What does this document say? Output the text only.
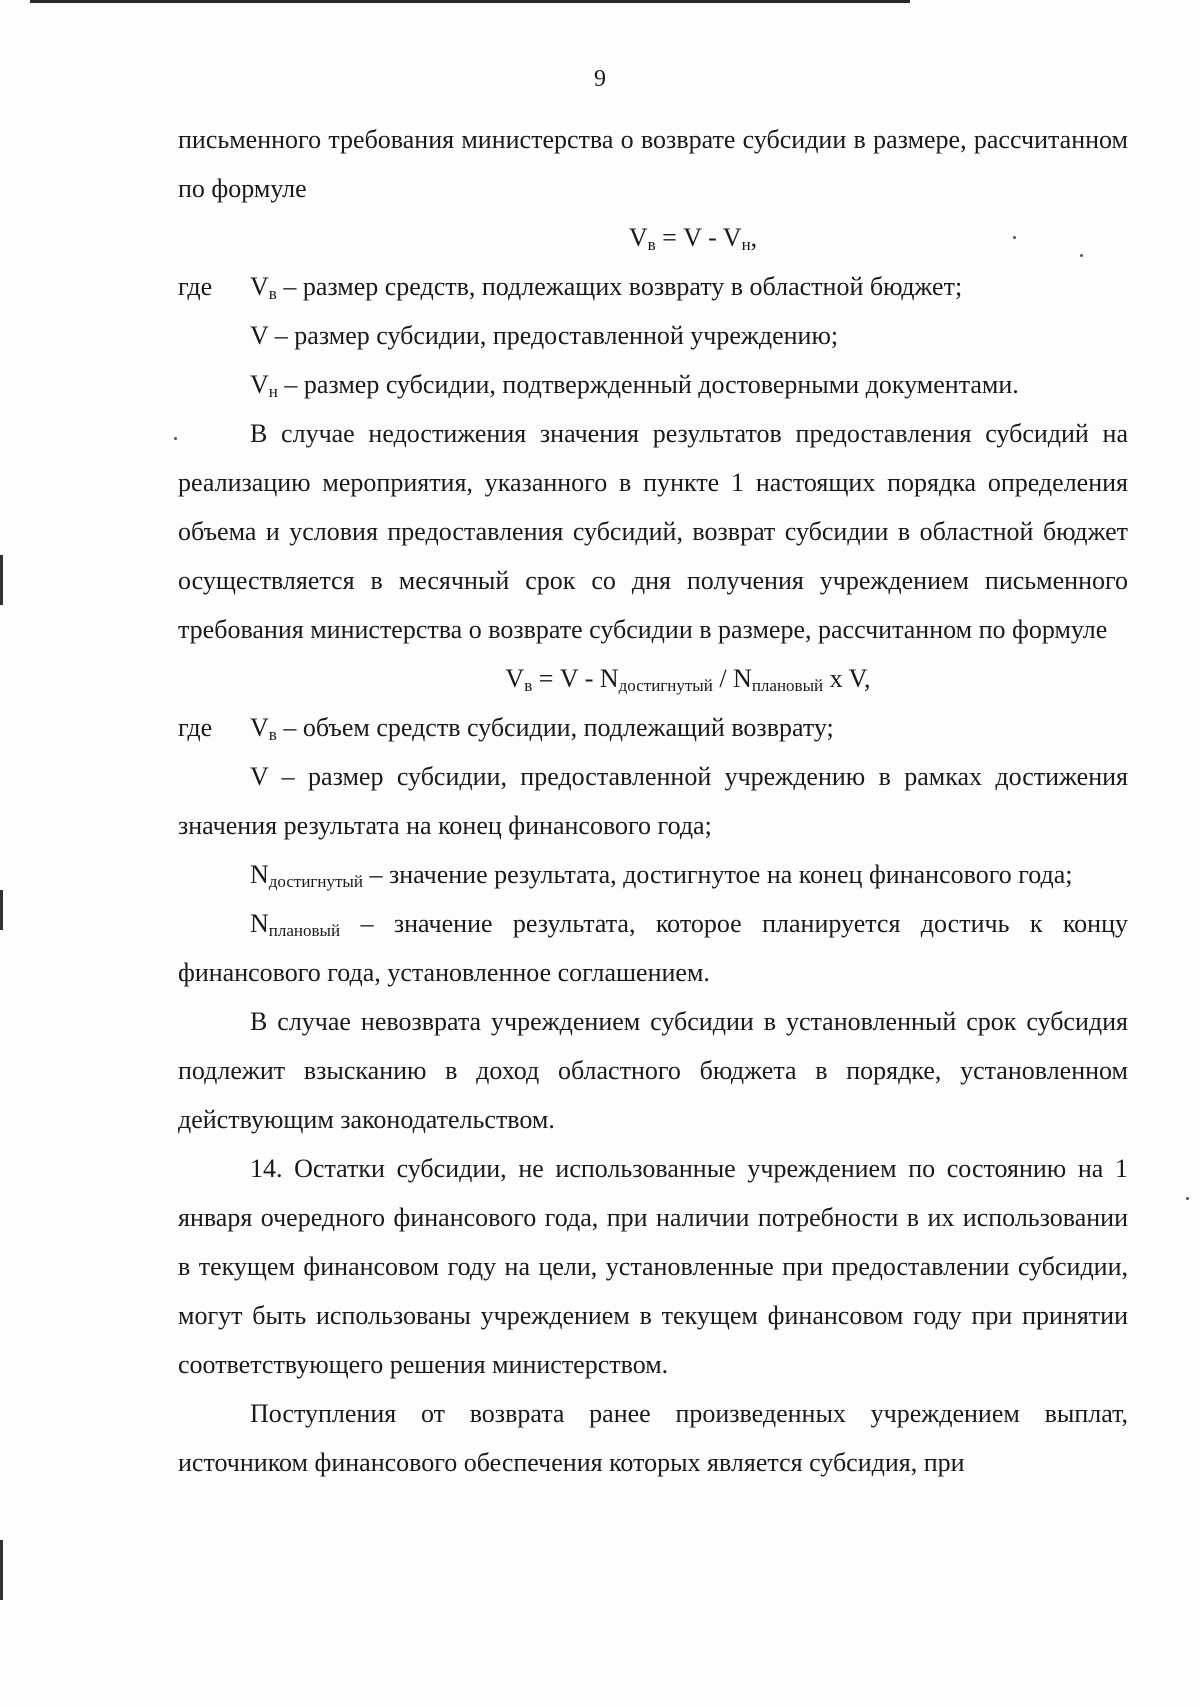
9

письменного требования министерства о возврате субсидии в размере, рассчитанном по формуле

$V_в = V - V_н$,

где $V_в$ – размер средств, подлежащих возврату в областной бюджет;

V – размер субсидии, предоставленной учреждению;

$V_н$ – размер субсидии, подтвержденный достоверными документами.

В случае недостижения значения результатов предоставления субсидий на реализацию мероприятия, указанного в пункте 1 настоящих порядка определения объема и условия предоставления субсидий, возврат субсидии в областной бюджет осуществляется в месячный срок со дня получения учреждением письменного требования министерства о возврате субсидии в размере, рассчитанном по формуле

$V_в = V - N_{достигнутый} / N_{плановый}$ x V,

где $V_в$ – объем средств субсидии, подлежащий возврату;

V – размер субсидии, предоставленной учреждению в рамках достижения значения результата на конец финансового года;

$N_{достигнутый}$ – значение результата, достигнутое на конец финансового года;

$N_{плановый}$ – значение результата, которое планируется достичь к концу финансового года, установленное соглашением.

В случае невозврата учреждением субсидии в установленный срок субсидия подлежит взысканию в доход областного бюджета в порядке, установленном действующим законодательством.

14. Остатки субсидии, не использованные учреждением по состоянию на 1 января очередного финансового года, при наличии потребности в их использовании в текущем финансовом году на цели, установленные при предоставлении субсидии, могут быть использованы учреждением в текущем финансовом году при принятии соответствующего решения министерством.

Поступления от возврата ранее произведенных учреждением выплат, источником финансового обеспечения которых является субсидия, при
